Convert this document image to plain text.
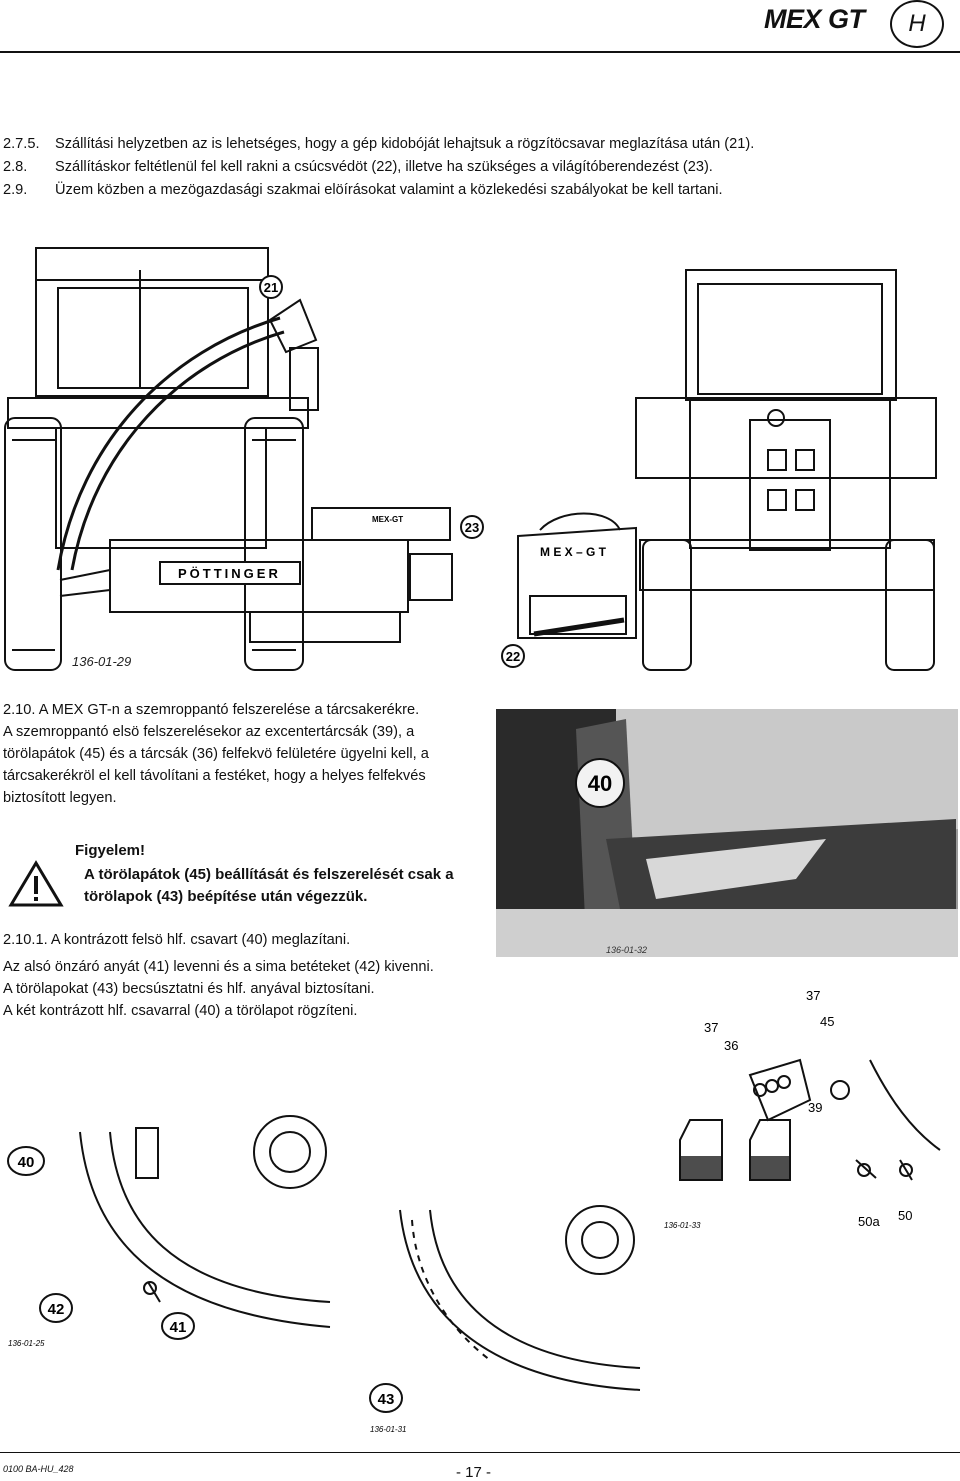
MEX GT	H
2.7.5. Szállítási helyzetben az is lehetséges, hogy a gép kidobóját lehajtsuk a rögzítöcsavar meglazítása után (21).
2.8. Szállításkor feltétlenül fel kell rakni a csúcsvédöt (22), illetve ha szükséges a világítóberendezést (23).
2.9. Üzem közben a mezögazdasági szakmai elöírásokat valamint a közlekedési szabályokat be kell tartani.
PÖTTINGER
MEX-GT
21
136-01-29
M E X – G T
23
22
2.10. A MEX GT-n a szemroppantó felszerelése a tárcsakerékre.
A szemroppantó elsö felszerelésekor az excentertárcsák (39), a
törölapátok (45) és a tárcsák (36) felfekvö felületére ügyelni kell, a
tárcsakerékröl el kell távolítani a festéket, hogy a helyes felfekvés
biztosított legyen.
40
136-01-32
Figyelem!
A törölapátok (45) beállítását és felszerelését csak a
törölapok (43) beépítése után végezzük.
2.10.1. A kontrázott felsö hlf. csavart (40) meglazítani.
Az alsó önzáró anyát (41) levenni és a sima betéteket (42) kivenni.
A törölapokat (43) becsúsztatni és hlf. anyával biztosítani.
A két kontrázott hlf. csavarral (40) a törölapot rögzíteni.
37
37	45
36
39
50a 50
136-01-33
40
42
41
136-01-25
43
136-01-31
0100 BA-HU_428	- 17 -
